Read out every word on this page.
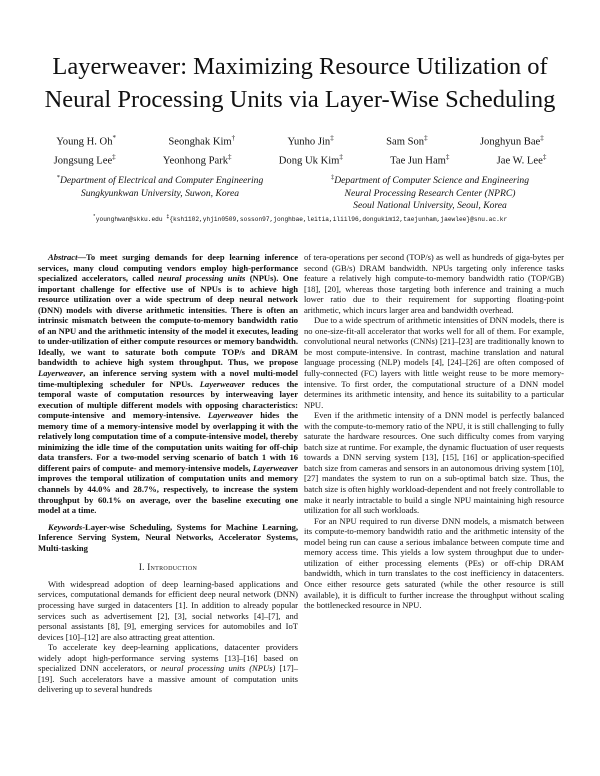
Layerweaver: Maximizing Resource Utilization of
Neural Processing Units via Layer-Wise Scheduling
Young H. Oh*	Seonghak Kim†	Yunho Jin‡	Sam Son‡	Jonghyun Bae‡
Jongsung Lee‡	Yeonhong Park‡	Dong Uk Kim‡	Tae Jun Ham‡	Jae W. Lee‡
*Department of Electrical and Computer Engineering
Sungkyunkwan University, Suwon, Korea
‡Department of Computer Science and Engineering
Neural Processing Research Center (NPRC)
Seoul National University, Seoul, Korea
*younghwan@skku.edu ‡{ksh1102,yhjin0509,sosson97,jonghbae,leitia,iliil96,dongukim12,taejunham,jaewlee}@snu.ac.kr

Abstract—To meet surging demands for deep learning inference services, many cloud computing vendors employ high-performance specialized accelerators, called neural processing units (NPUs). One important challenge for effective use of NPUs is to achieve high resource utilization over a wide spectrum of deep neural network (DNN) models with diverse arithmetic intensities. There is often an intrinsic mismatch between the compute-to-memory bandwidth ratio of an NPU and the arithmetic intensity of the model it executes, leading to under-utilization of either compute resources or memory bandwidth. Ideally, we want to saturate both compute TOP/s and DRAM bandwidth to achieve high system throughput. Thus, we propose Layerweaver, an inference serving system with a novel multi-model time-multiplexing scheduler for NPUs. Layerweaver reduces the temporal waste of computation resources by interweaving layer execution of multiple different models with opposing characteristics: compute-intensive and memory-intensive. Layerweaver hides the memory time of a memory-intensive model by overlapping it with the relatively long computation time of a compute-intensive model, thereby minimizing the idle time of the computation units waiting for off-chip data transfers. For a two-model serving scenario of batch 1 with 16 different pairs of compute- and memory-intensive models, Layerweaver improves the temporal utilization of computation units and memory channels by 44.0% and 28.7%, respectively, to increase the system throughput by 60.1% on average, over the baseline executing one model at a time.

Keywords-Layer-wise Scheduling, Systems for Machine Learning, Inference Serving System, Neural Networks, Accelerator Systems, Multi-tasking

I. Introduction

With widespread adoption of deep learning-based applications and services, computational demands for efficient deep neural network (DNN) processing have surged in datacenters [1]. In addition to already popular services such as advertisement [2], [3], social networks [4]–[7], and personal assistants [8], [9], emerging services for automobiles and IoT devices [10]–[12] are also attracting great attention.

To accelerate key deep-learning applications, datacenter providers widely adopt high-performance serving systems [13]–[16] based on specialized DNN accelerators, or neural processing units (NPUs) [17]–[19]. Such accelerators have a massive amount of computation units delivering up to several hundreds

of tera-operations per second (TOP/s) as well as hundreds of giga-bytes per second (GB/s) DRAM bandwidth. NPUs targeting only inference tasks feature a relatively high compute-to-memory bandwidth ratio (TOP/GB) [18], [20], whereas those targeting both inference and training a much lower ratio due to their requirement for supporting floating-point arithmetic, which incurs larger area and bandwidth overhead.

Due to a wide spectrum of arithmetic intensities of DNN models, there is no one-size-fit-all accelerator that works well for all of them. For example, convolutional neural networks (CNNs) [21]–[23] are traditionally known to be most compute-intensive. In contrast, machine translation and natural language processing (NLP) models [4], [24]–[26] are often composed of fully-connected (FC) layers with little weight reuse to be more memory-intensive. To first order, the computational structure of a DNN model determines its arithmetic intensity, and hence its suitability to a particular NPU.

Even if the arithmetic intensity of a DNN model is perfectly balanced with the compute-to-memory ratio of the NPU, it is still challenging to fully saturate the hardware resources. One such difficulty comes from varying batch size at runtime. For example, the dynamic fluctuation of user requests towards a DNN serving system [13], [15], [16] or application-specified batch size from cameras and sensors in an autonomous driving system [10], [27] mandates the system to run on a sub-optimal batch size. Thus, the batch size is often highly workload-dependent and not freely controllable to make it nearly intractable to build a single NPU maintaining high resource utilization for all such workloads.

For an NPU required to run diverse DNN models, a mismatch between its compute-to-memory bandwidth ratio and the arithmetic intensity of the model being run can cause a serious imbalance between compute time and memory access time. This yields a low system throughput due to under-utilization of either processing elements (PEs) or off-chip DRAM bandwidth, which in turn translates to the cost inefficiency in datacenters. Once either resource gets saturated (while the other resource is still available), it is difficult to further increase the throughput without scaling the bottlenecked resource in NPU.
